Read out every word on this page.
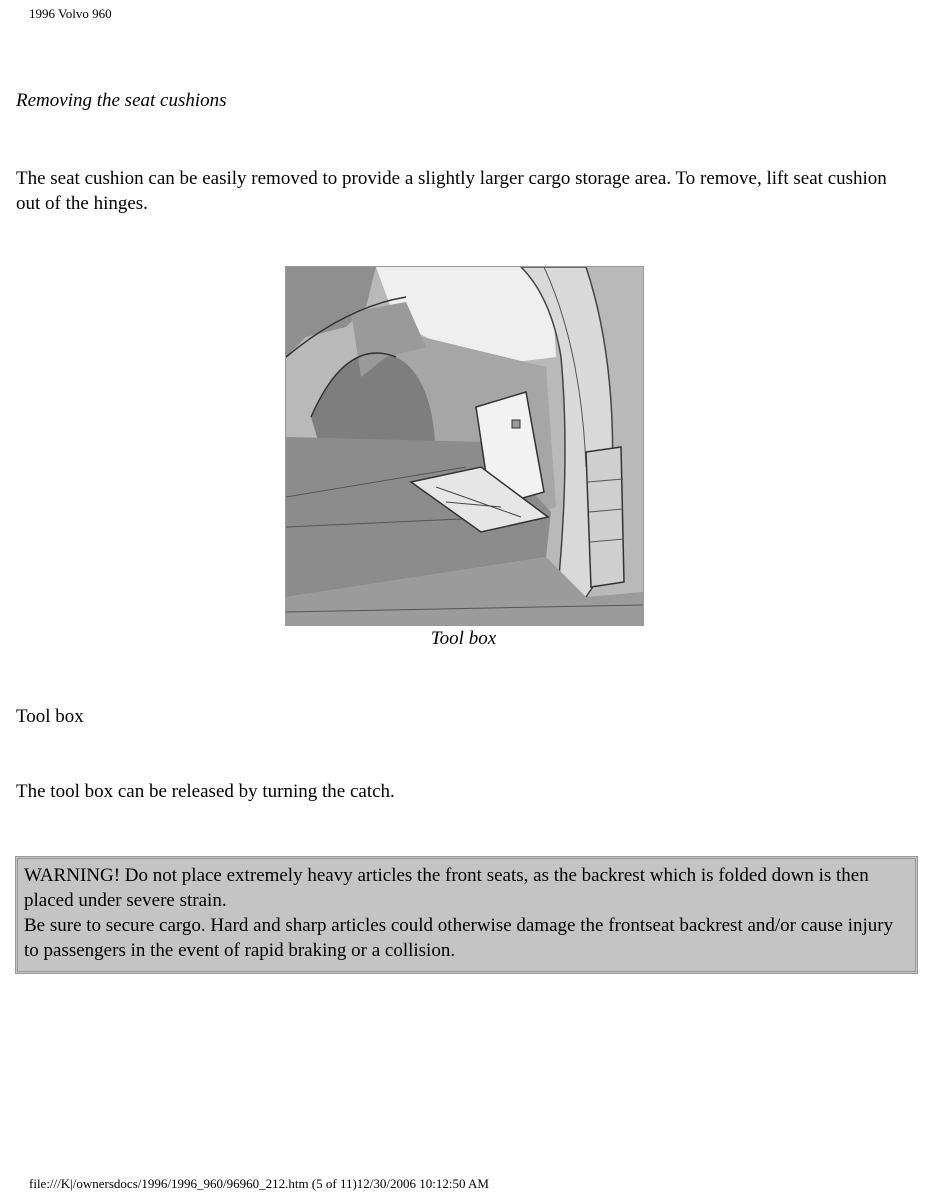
1996 Volvo 960
Removing the seat cushions
The seat cushion can be easily removed to provide a slightly larger cargo storage area. To remove, lift seat cushion out of the hinges.
Tool box
Tool box
The tool box can be released by turning the catch.
WARNING! Do not place extremely heavy articles the front seats, as the backrest which is folded down is then placed under severe strain.
Be sure to secure cargo. Hard and sharp articles could otherwise damage the frontseat backrest and/or cause injury to passengers in the event of rapid braking or a collision.
file:///K|/ownersdocs/1996/1996_960/96960_212.htm (5 of 11)12/30/2006 10:12:50 AM
